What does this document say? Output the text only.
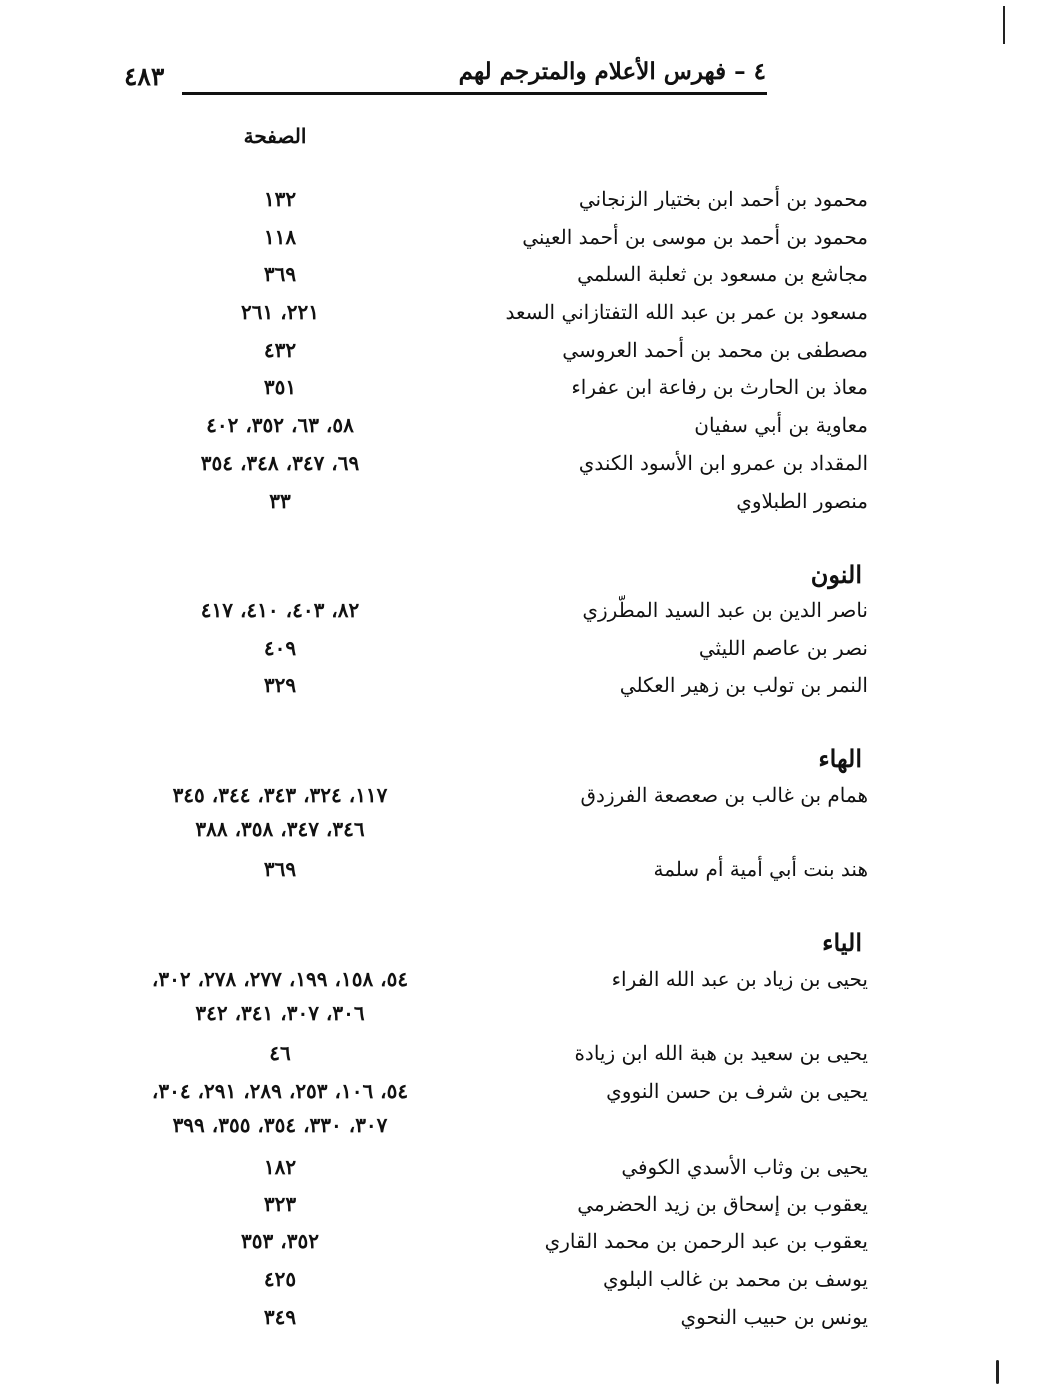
٤٨٣	٤ – فهرس الأعلام والمترجم لهم
الصفحة
محمود بن أحمد ابن بختيار الزنجاني
١٣٢
محمود بن أحمد بن موسى بن أحمد العيني
١١٨
مجاشع بن مسعود بن ثعلبة السلمي
٣٦٩
مسعود بن عمر بن عبد الله التفتازاني السعد
٢٢١، ٢٦١
مصطفى بن محمد بن أحمد العروسي
٤٣٢
معاذ بن الحارث بن رفاعة ابن عفراء
٣٥١
معاوية بن أبي سفيان
٥٨، ٦٣، ٣٥٢، ٤٠٢
المقداد بن عمرو ابن الأسود الكندي
٦٩، ٣٤٧، ٣٤٨، ٣٥٤
منصور الطبلاوي
٣٣
النون
ناصر الدين بن عبد السيد المطّرزي
٨٢، ٤٠٣، ٤١٠، ٤١٧
نصر بن عاصم الليثي
٤٠٩
النمر بن تولب بن زهير العكلي
٣٢٩
الهاء
همام بن غالب بن صعصعة الفرزدق
١١٧، ٣٢٤، ٣٤٣، ٣٤٤، ٣٤٥
٣٤٦، ٣٤٧، ٣٥٨، ٣٨٨
هند بنت أبي أمية أم سلمة
٣٦٩
الياء
يحيى بن زياد بن عبد الله الفراء
٥٤، ١٥٨، ١٩٩، ٢٧٧، ٢٧٨، ٣٠٢،
٣٠٦، ٣٠٧، ٣٤١، ٣٤٢
يحيى بن سعيد بن هبة الله ابن زيادة
٤٦
يحيى بن شرف بن حسن النووي
٥٤، ١٠٦، ٢٥٣، ٢٨٩، ٢٩١، ٣٠٤،
٣٠٧، ٣٣٠، ٣٥٤، ٣٥٥، ٣٩٩
يحيى بن وثاب الأسدي الكوفي
١٨٢
يعقوب بن إسحاق بن زيد الحضرمي
٣٢٣
يعقوب بن عبد الرحمن بن محمد القاري
٣٥٢، ٣٥٣
يوسف بن محمد بن غالب البلوي
٤٢٥
يونس بن حبيب النحوي
٣٤٩
